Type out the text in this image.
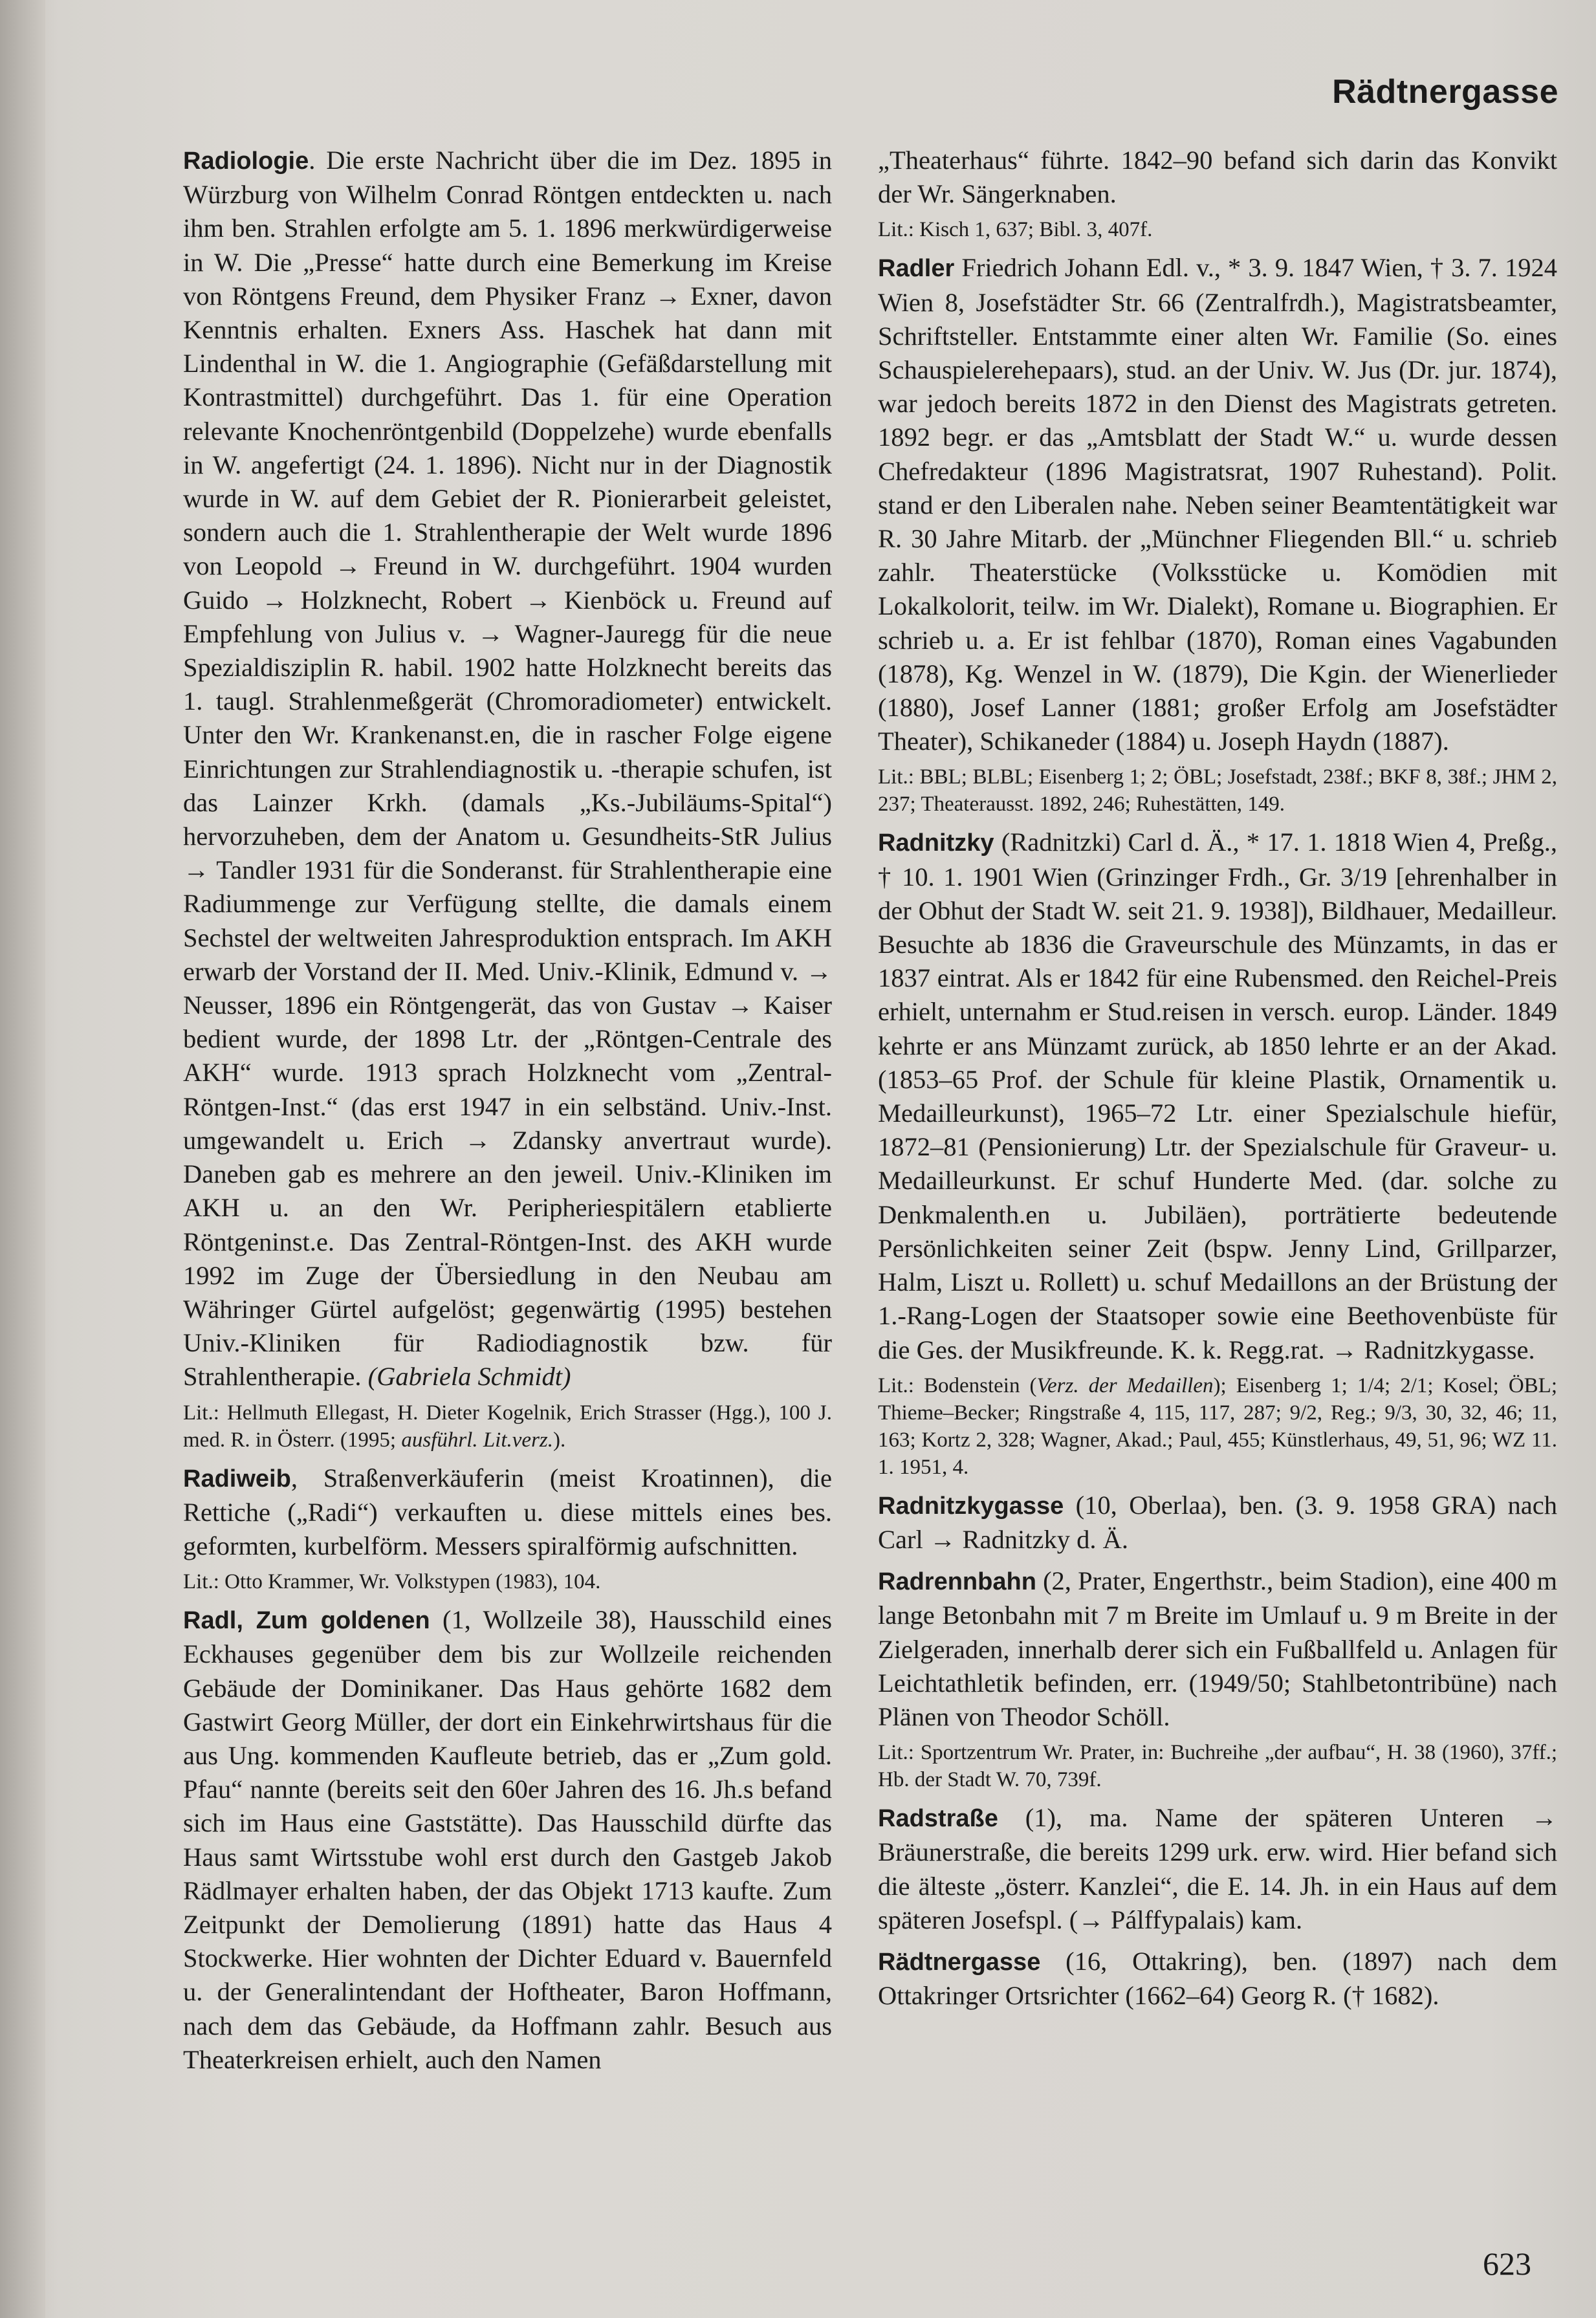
Rädtnergasse

Radiologie. Die erste Nachricht über die im Dez. 1895 in Würzburg von Wilhelm Conrad Röntgen entdeckten u. nach ihm ben. Strahlen erfolgte am 5. 1. 1896 merkwürdigerweise in W. Die „Presse“ hatte durch eine Bemerkung im Kreise von Röntgens Freund, dem Physiker Franz → Exner, davon Kenntnis erhalten. Exners Ass. Haschek hat dann mit Lindenthal in W. die 1. Angiographie (Gefäßdarstellung mit Kontrastmittel) durchgeführt. Das 1. für eine Operation relevante Knochenröntgenbild (Doppelzehe) wurde ebenfalls in W. angefertigt (24. 1. 1896). Nicht nur in der Diagnostik wurde in W. auf dem Gebiet der R. Pionierarbeit geleistet, sondern auch die 1. Strahlentherapie der Welt wurde 1896 von Leopold → Freund in W. durchgeführt. 1904 wurden Guido → Holzknecht, Robert → Kienböck u. Freund auf Empfehlung von Julius v. → Wagner-Jauregg für die neue Spezialdisziplin R. habil. 1902 hatte Holzknecht bereits das 1. taugl. Strahlenmeßgerät (Chromoradiometer) entwickelt. Unter den Wr. Krankenanst.en, die in rascher Folge eigene Einrichtungen zur Strahlendiagnostik u. -therapie schufen, ist das Lainzer Krkh. (damals „Ks.-Jubiläums-Spital“) hervorzuheben, dem der Anatom u. Gesundheits-StR Julius → Tandler 1931 für die Sonderanst. für Strahlentherapie eine Radiummenge zur Verfügung stellte, die damals einem Sechstel der weltweiten Jahresproduktion entsprach. Im AKH erwarb der Vorstand der II. Med. Univ.-Klinik, Edmund v. → Neusser, 1896 ein Röntgengerät, das von Gustav → Kaiser bedient wurde, der 1898 Ltr. der „Röntgen-Centrale des AKH“ wurde. 1913 sprach Holzknecht vom „Zentral-Röntgen-Inst.“ (das erst 1947 in ein selbständ. Univ.-Inst. umgewandelt u. Erich → Zdansky anvertraut wurde). Daneben gab es mehrere an den jeweil. Univ.-Kliniken im AKH u. an den Wr. Peripheriespitälern etablierte Röntgeninst.e. Das Zentral-Röntgen-Inst. des AKH wurde 1992 im Zuge der Übersiedlung in den Neubau am Währinger Gürtel aufgelöst; gegenwärtig (1995) bestehen Univ.-Kliniken für Radiodiagnostik bzw. für Strahlentherapie. (Gabriela Schmidt)

Lit.: Hellmuth Ellegast, H. Dieter Kogelnik, Erich Strasser (Hgg.), 100 J. med. R. in Österr. (1995; ausführl. Lit.verz.).

Radiweib, Straßenverkäuferin (meist Kroatinnen), die Rettiche („Radi“) verkauften u. diese mittels eines bes. geformten, kurbelförm. Messers spiralförmig aufschnitten.

Lit.: Otto Krammer, Wr. Volkstypen (1983), 104.

Radl, Zum goldenen (1, Wollzeile 38), Hausschild eines Eckhauses gegenüber dem bis zur Wollzeile reichenden Gebäude der Dominikaner. Das Haus gehörte 1682 dem Gastwirt Georg Müller, der dort ein Einkehrwirtshaus für die aus Ung. kommenden Kaufleute betrieb, das er „Zum gold. Pfau“ nannte (bereits seit den 60er Jahren des 16. Jh.s befand sich im Haus eine Gaststätte). Das Hausschild dürfte das Haus samt Wirtsstube wohl erst durch den Gastgeb Jakob Rädlmayer erhalten haben, der das Objekt 1713 kaufte. Zum Zeitpunkt der Demolierung (1891) hatte das Haus 4 Stockwerke. Hier wohnten der Dichter Eduard v. Bauernfeld u. der Generalintendant der Hoftheater, Baron Hoffmann, nach dem das Gebäude, da Hoffmann zahlr. Besuch aus Theaterkreisen erhielt, auch den Namen

„Theaterhaus“ führte. 1842–90 befand sich darin das Konvikt der Wr. Sängerknaben.

Lit.: Kisch 1, 637; Bibl. 3, 407f.

Radler Friedrich Johann Edl. v., * 3. 9. 1847 Wien, † 3. 7. 1924 Wien 8, Josefstädter Str. 66 (Zentralfrdh.), Magistratsbeamter, Schriftsteller. Entstammte einer alten Wr. Familie (So. eines Schauspielerehepaars), stud. an der Univ. W. Jus (Dr. jur. 1874), war jedoch bereits 1872 in den Dienst des Magistrats getreten. 1892 begr. er das „Amtsblatt der Stadt W.“ u. wurde dessen Chefredakteur (1896 Magistratsrat, 1907 Ruhestand). Polit. stand er den Liberalen nahe. Neben seiner Beamtentätigkeit war R. 30 Jahre Mitarb. der „Münchner Fliegenden Bll.“ u. schrieb zahlr. Theaterstücke (Volksstücke u. Komödien mit Lokalkolorit, teilw. im Wr. Dialekt), Romane u. Biographien. Er schrieb u. a. Er ist fehlbar (1870), Roman eines Vagabunden (1878), Kg. Wenzel in W. (1879), Die Kgin. der Wienerlieder (1880), Josef Lanner (1881; großer Erfolg am Josefstädter Theater), Schikaneder (1884) u. Joseph Haydn (1887).

Lit.: BBL; BLBL; Eisenberg 1; 2; ÖBL; Josefstadt, 238f.; BKF 8, 38f.; JHM 2, 237; Theaterausst. 1892, 246; Ruhestätten, 149.

Radnitzky (Radnitzki) Carl d. Ä., * 17. 1. 1818 Wien 4, Preßg., † 10. 1. 1901 Wien (Grinzinger Frdh., Gr. 3/19 [ehrenhalber in der Obhut der Stadt W. seit 21. 9. 1938]), Bildhauer, Medailleur. Besuchte ab 1836 die Graveurschule des Münzamts, in das er 1837 eintrat. Als er 1842 für eine Rubensmed. den Reichel-Preis erhielt, unternahm er Stud.reisen in versch. europ. Länder. 1849 kehrte er ans Münzamt zurück, ab 1850 lehrte er an der Akad. (1853–65 Prof. der Schule für kleine Plastik, Ornamentik u. Medailleurkunst), 1965–72 Ltr. einer Spezialschule hiefür, 1872–81 (Pensionierung) Ltr. der Spezialschule für Graveur- u. Medailleurkunst. Er schuf Hunderte Med. (dar. solche zu Denkmalenth.en u. Jubiläen), porträtierte bedeutende Persönlichkeiten seiner Zeit (bspw. Jenny Lind, Grillparzer, Halm, Liszt u. Rollett) u. schuf Medaillons an der Brüstung der 1.-Rang-Logen der Staatsoper sowie eine Beethovenbüste für die Ges. der Musikfreunde. K. k. Regg.rat. → Radnitzkygasse.

Lit.: Bodenstein (Verz. der Medaillen); Eisenberg 1; 1/4; 2/1; Kosel; ÖBL; Thieme–Becker; Ringstraße 4, 115, 117, 287; 9/2, Reg.; 9/3, 30, 32, 46; 11, 163; Kortz 2, 328; Wagner, Akad.; Paul, 455; Künstlerhaus, 49, 51, 96; WZ 11. 1. 1951, 4.

Radnitzkygasse (10, Oberlaa), ben. (3. 9. 1958 GRA) nach Carl → Radnitzky d. Ä.

Radrennbahn (2, Prater, Engerthstr., beim Stadion), eine 400 m lange Betonbahn mit 7 m Breite im Umlauf u. 9 m Breite in der Zielgeraden, innerhalb derer sich ein Fußballfeld u. Anlagen für Leichtathletik befinden, err. (1949/50; Stahlbetontribüne) nach Plänen von Theodor Schöll.

Lit.: Sportzentrum Wr. Prater, in: Buchreihe „der aufbau“, H. 38 (1960), 37ff.; Hb. der Stadt W. 70, 739f.

Radstraße (1), ma. Name der späteren Unteren → Bräunerstraße, die bereits 1299 urk. erw. wird. Hier befand sich die älteste „österr. Kanzlei“, die E. 14. Jh. in ein Haus auf dem späteren Josefspl. (→ Pálffypalais) kam.

Rädtnergasse (16, Ottakring), ben. (1897) nach dem Ottakringer Ortsrichter (1662–64) Georg R. († 1682).

623
